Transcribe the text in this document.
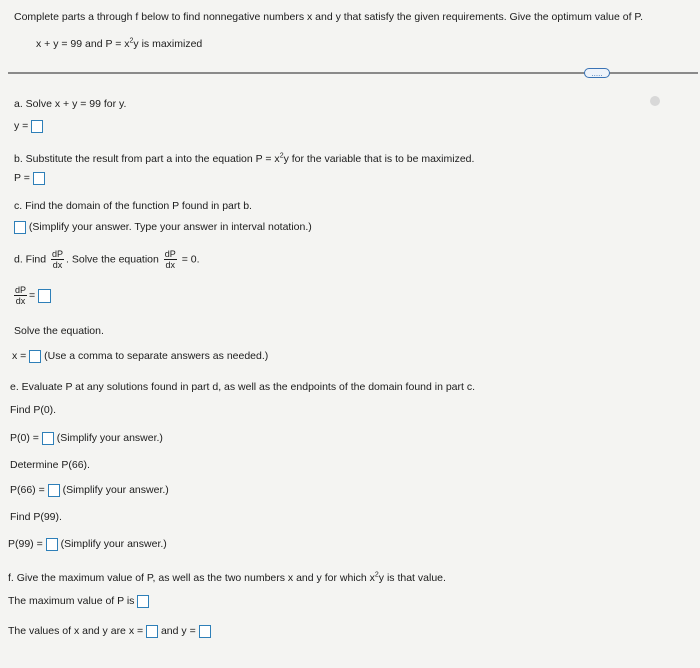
Complete parts a through f below to find nonnegative numbers x and y that satisfy the given requirements. Give the optimum value of P.
x + y = 99 and $P = x^2y$ is maximized
.....
a. Solve x + y = 99 for y.
y =
b. Substitute the result from part a into the equation $P = x^2y$ for the variable that is to be maximized.
P =
c. Find the domain of the function P found in part b.
(Simplify your answer. Type your answer in interval notation.)
d. Find $\frac{dP}{dx}$ . Solve the equation $\frac{dP}{dx} = 0$.
$\frac{dP}{dx}$ =
Solve the equation.
x = (Use a comma to separate answers as needed.)
e. Evaluate P at any solutions found in part d, as well as the endpoints of the domain found in part c.
Find P(0).
P(0) = (Simplify your answer.)
Determine P(66).
P(66) = (Simplify your answer.)
Find P(99).
P(99) = (Simplify your answer.)
f. Give the maximum value of P, as well as the two numbers x and y for which $x^2y$ is that value.
The maximum value of P is
The values of x and y are x = and y =
